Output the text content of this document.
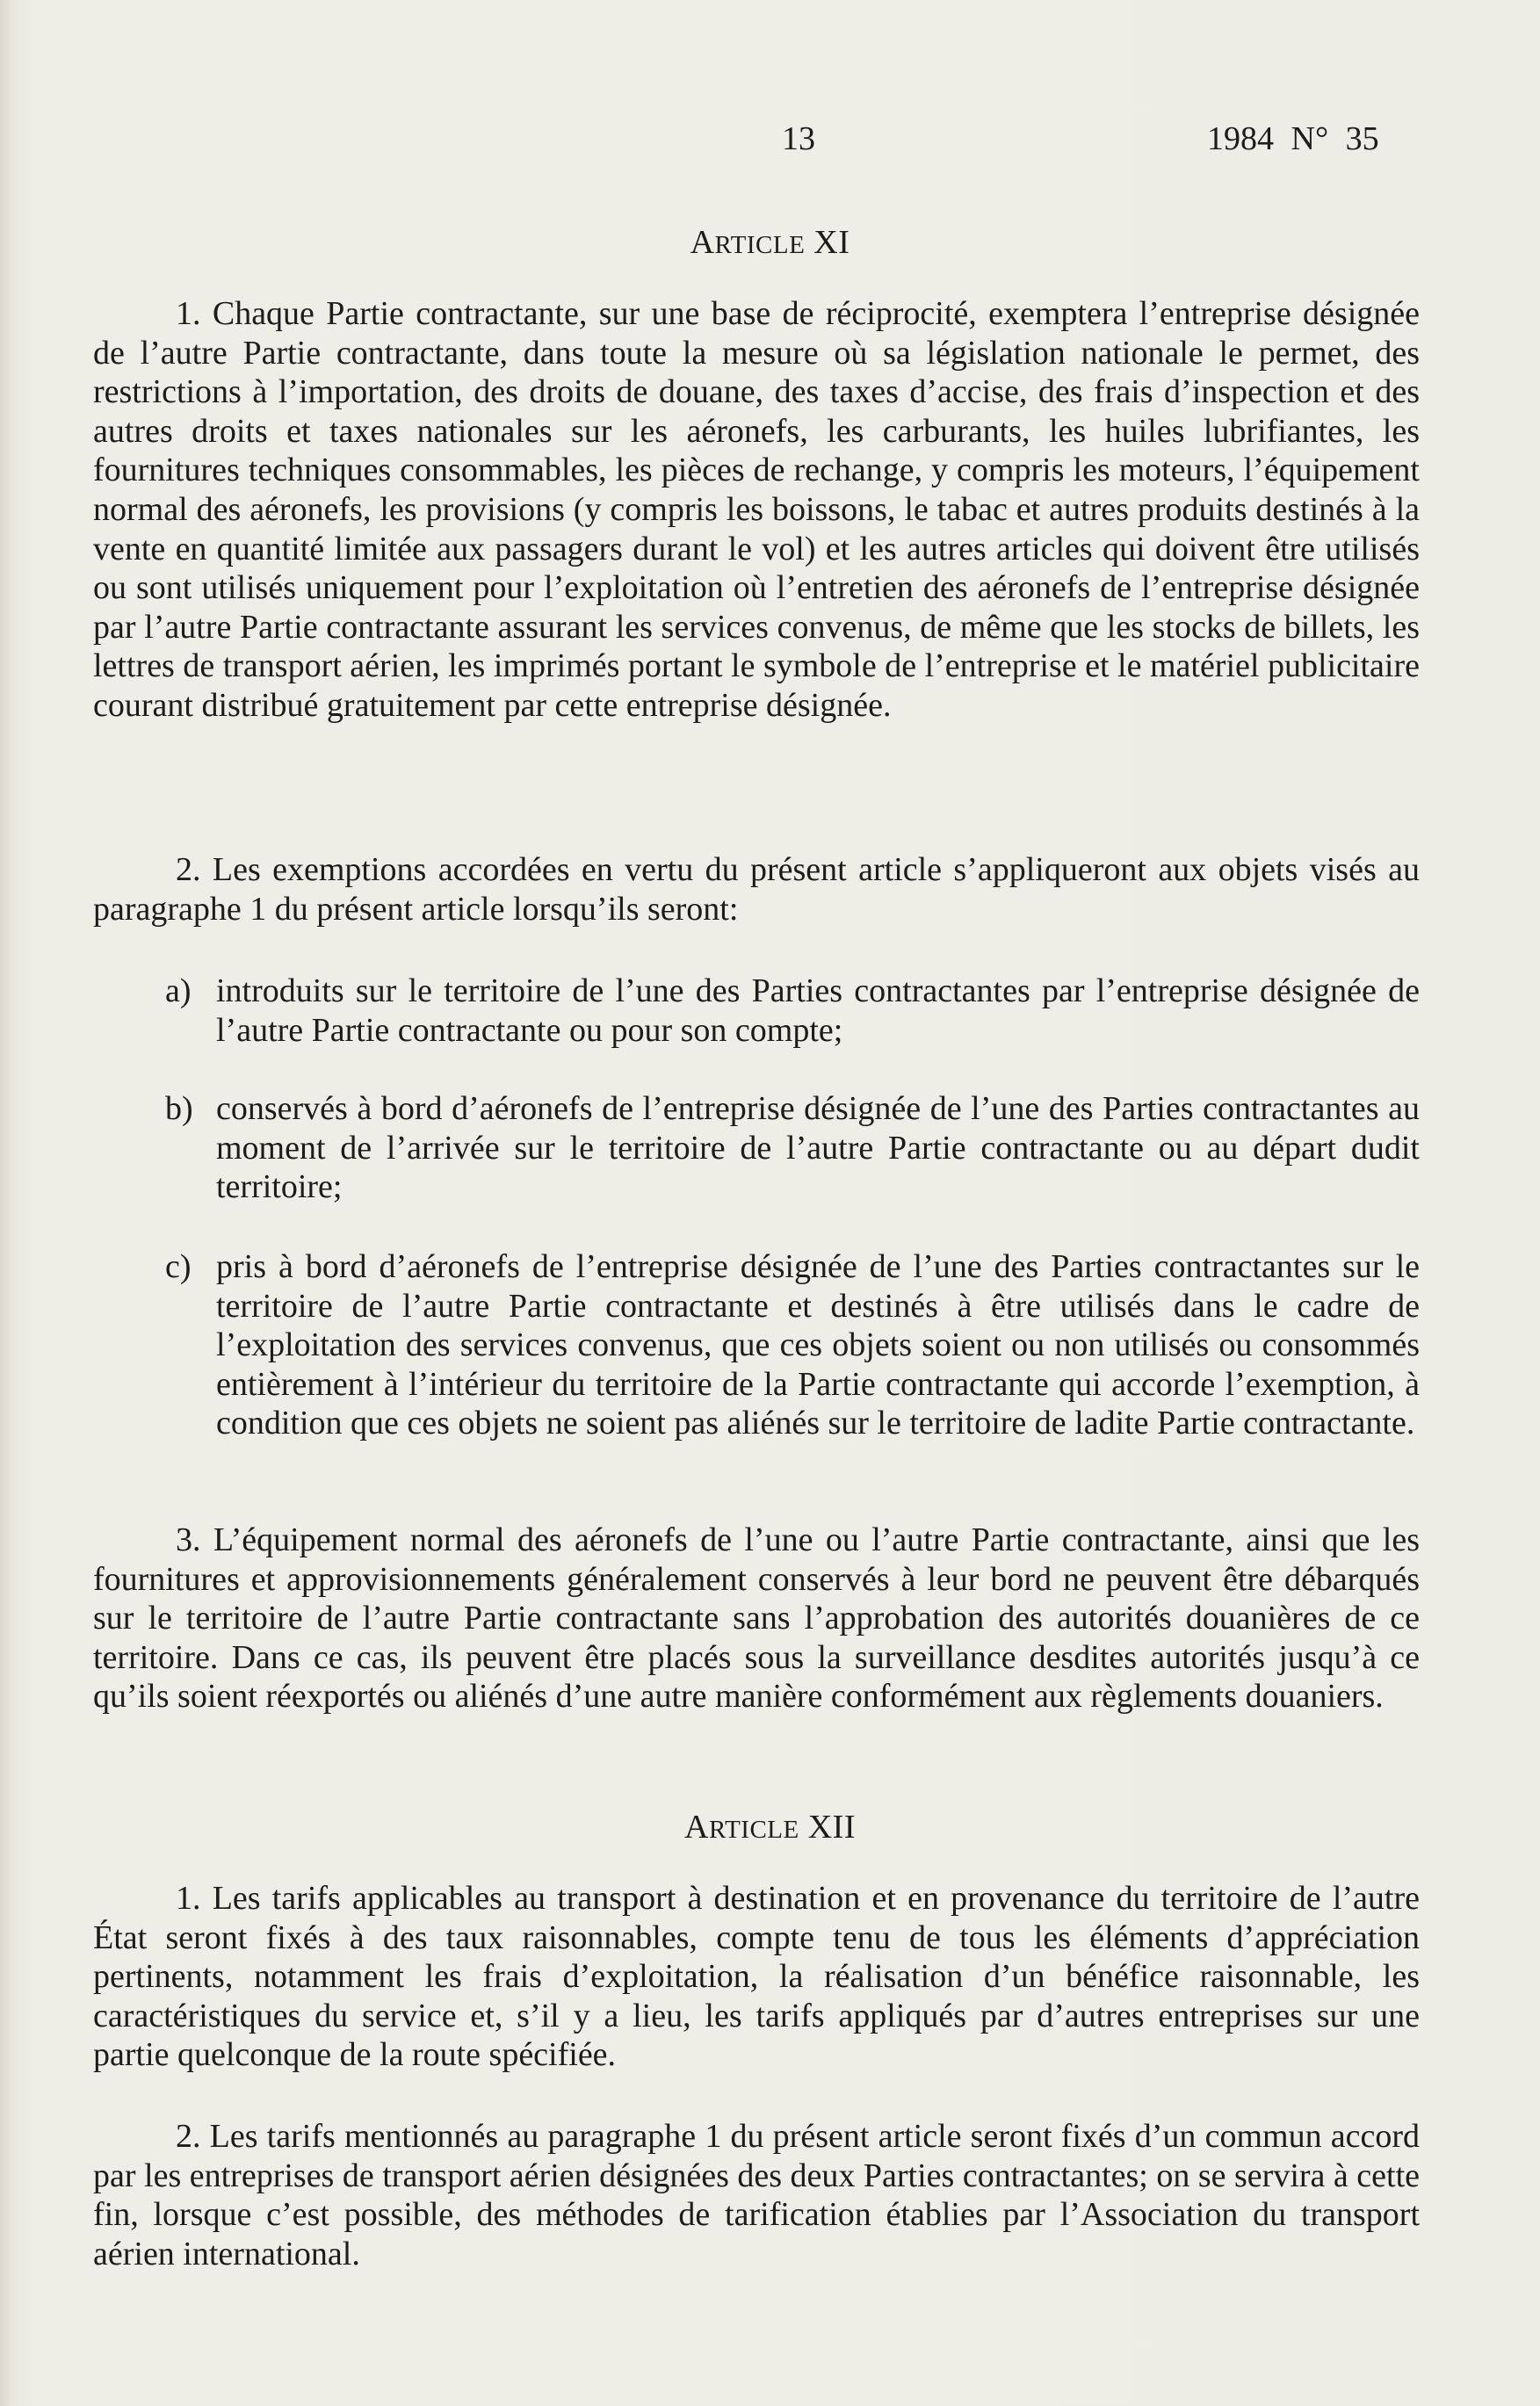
13	1984 N° 35
ARTICLE XI

1. Chaque Partie contractante, sur une base de réciprocité, exemptera l’entreprise désignée de l’autre Partie contractante, dans toute la mesure où sa législation nationale le permet, des restrictions à l’importation, des droits de douane, des taxes d’accise, des frais d’inspection et des autres droits et taxes nationales sur les aéronefs, les carburants, les huiles lubrifiantes, les fournitures techniques consommables, les pièces de rechange, y compris les moteurs, l’équipement normal des aéronefs, les provisions (y compris les boissons, le tabac et autres produits destinés à la vente en quantité limitée aux passagers durant le vol) et les autres articles qui doivent être utilisés ou sont utilisés uniquement pour l’exploitation où l’entretien des aéronefs de l’entreprise désignée par l’autre Partie contractante assurant les services convenus, de même que les stocks de billets, les lettres de transport aérien, les imprimés portant le symbole de l’entreprise et le matériel publicitaire courant distribué gratuitement par cette entreprise désignée.

2. Les exemptions accordées en vertu du présent article s’appliqueront aux objets visés au paragraphe 1 du présent article lorsqu’ils seront:

a) introduits sur le territoire de l’une des Parties contractantes par l’entreprise désignée de l’autre Partie contractante ou pour son compte;
b) conservés à bord d’aéronefs de l’entreprise désignée de l’une des Parties contractantes au moment de l’arrivée sur le territoire de l’autre Partie contractante ou au départ dudit territoire;
c) pris à bord d’aéronefs de l’entreprise désignée de l’une des Parties contractantes sur le territoire de l’autre Partie contractante et destinés à être utilisés dans le cadre de l’exploitation des services convenus, que ces objets soient ou non utilisés ou consommés entièrement à l’intérieur du territoire de la Partie contractante qui accorde l’exemption, à condition que ces objets ne soient pas aliénés sur le territoire de ladite Partie contractante.

3. L’équipement normal des aéronefs de l’une ou l’autre Partie contractante, ainsi que les fournitures et approvisionnements généralement conservés à leur bord ne peuvent être débarqués sur le territoire de l’autre Partie contractante sans l’approbation des autorités douanières de ce territoire. Dans ce cas, ils peuvent être placés sous la surveillance desdites autorités jusqu’à ce qu’ils soient réexportés ou aliénés d’une autre manière conformément aux règlements douaniers.

ARTICLE XII

1. Les tarifs applicables au transport à destination et en provenance du territoire de l’autre État seront fixés à des taux raisonnables, compte tenu de tous les éléments d’appréciation pertinents, notamment les frais d’exploitation, la réalisation d’un bénéfice raisonnable, les caractéristiques du service et, s’il y a lieu, les tarifs appliqués par d’autres entreprises sur une partie quelconque de la route spécifiée.

2. Les tarifs mentionnés au paragraphe 1 du présent article seront fixés d’un commun accord par les entreprises de transport aérien désignées des deux Parties contractantes; on se servira à cette fin, lorsque c’est possible, des méthodes de tarification établies par l’Association du transport aérien international.
